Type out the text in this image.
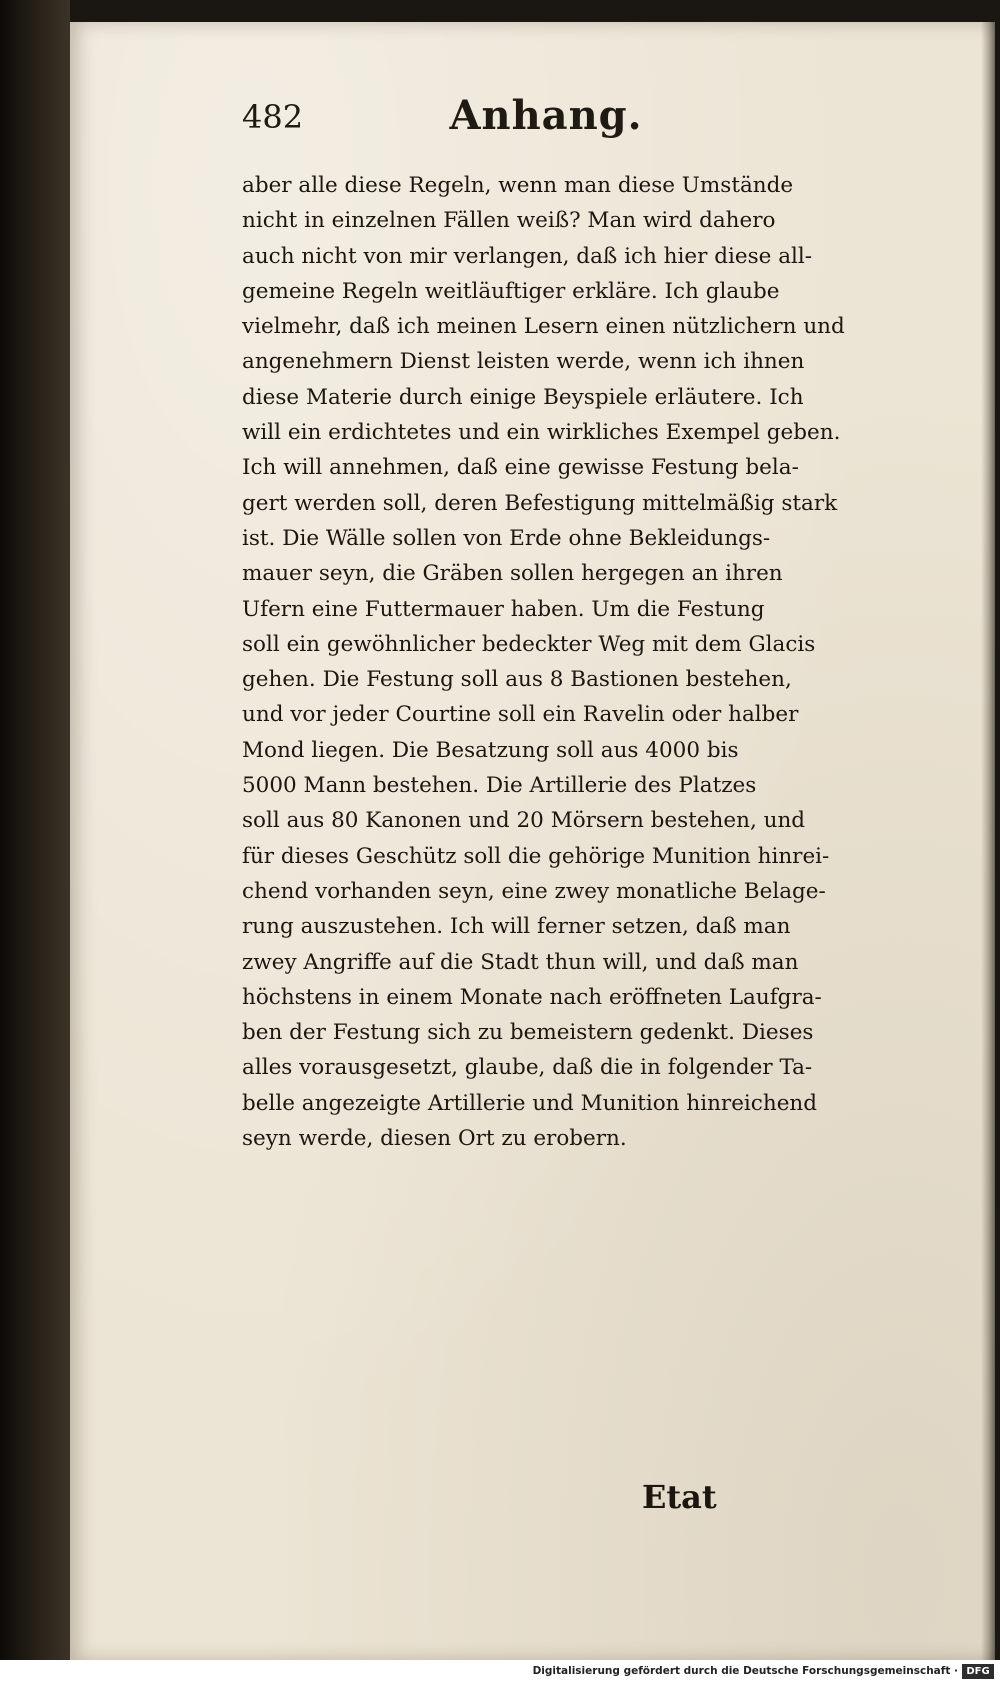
482	Anhang.
aber alle diese Regeln, wenn man diese Umstände
nicht in einzelnen Fällen weiß? Man wird dahero
auch nicht von mir verlangen, daß ich hier diese all-
gemeine Regeln weitläuftiger erkläre. Ich glaube
vielmehr, daß ich meinen Lesern einen nützlichern und
angenehmern Dienst leisten werde, wenn ich ihnen
diese Materie durch einige Beyspiele erläutere. Ich
will ein erdichtetes und ein wirkliches Exempel geben.
Ich will annehmen, daß eine gewisse Festung bela-
gert werden soll, deren Befestigung mittelmäßig stark
ist. Die Wälle sollen von Erde ohne Bekleidungs-
mauer seyn, die Gräben sollen hergegen an ihren
Ufern eine Futtermauer haben. Um die Festung
soll ein gewöhnlicher bedeckter Weg mit dem Glacis
gehen. Die Festung soll aus 8 Bastionen bestehen,
und vor jeder Courtine soll ein Ravelin oder halber
Mond liegen. Die Besatzung soll aus 4000 bis
5000 Mann bestehen. Die Artillerie des Platzes
soll aus 80 Kanonen und 20 Mörsern bestehen, und
für dieses Geschütz soll die gehörige Munition hinrei-
chend vorhanden seyn, eine zwey monatliche Belage-
rung auszustehen. Ich will ferner setzen, daß man
zwey Angriffe auf die Stadt thun will, und daß man
höchstens in einem Monate nach eröffneten Laufgra-
ben der Festung sich zu bemeistern gedenkt. Dieses
alles vorausgesetzt, glaube, daß die in folgender Ta-
belle angezeigte Artillerie und Munition hinreichend
seyn werde, diesen Ort zu erobern.
Etat
Digitalisierung gefördert durch die Deutsche Forschungsgemeinschaft · DFG
